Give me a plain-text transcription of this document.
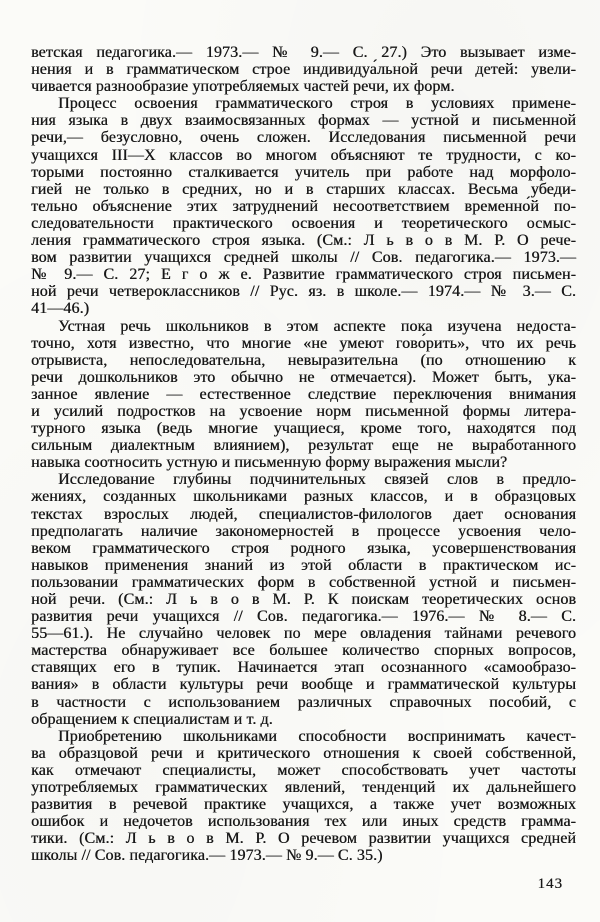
ветская педагогика.— 1973.— № 9.— С. 27.) Это вызывает изме-
нения и в грамматическом строе индивидуа́льной речи детей: увели-
чивается разнообразие употребляемых частей речи, их форм.
Процесс освоения грамматического строя в условиях примене-
ния языка в двух взаимосвязанных формах — устной и письменной
речи,— безусловно, очень сложен. Исследования письменной речи
учащихся III—X классов во многом объясняют те трудности, с ко-
торыми постоянно сталкивается учитель при работе над морфоло-
гией не только в средних, но и в старших классах. Весьма убеди-
тельно объяснение этих затруднений несоответствием временно́й по-
следовательности практического освоения и теоретического осмыс-
ления грамматического строя языка. (См.: Л ь в о в М. Р. О рече-
вом развитии учащихся средней школы // Сов. педагогика.— 1973.—
№ 9.— С. 27; Е г о ж е. Развитие грамматического строя письмен-
ной речи четвероклассников // Рус. яз. в школе.— 1974.— № 3.— С.
41—46.)
Устная речь школьников в этом аспекте пока изучена недоста-
точно, хотя известно, что многие «не умеют гово́рить», что их речь
отрывиста, непоследовательна, невыразительна (по отношению к
речи дошкольников это обычно не отмечается). Может быть, ука-
занное явление — естественное следствие переключения внимания
и усилий подростков на усвоение норм письменной формы литера-
турного языка (ведь многие учащиеся, кроме того, находятся под
сильным диалектным влиянием), результат еще не выработанного
навыка соотносить устную и письменную форму выражения мысли?
Исследование глубины подчинительных связей слов в предло-
жениях, созданных школьниками разных классов, и в образцовых
текстах взрослых людей, специалистов-филологов дает основания
предполагать наличие закономерностей в процессе усвоения чело-
веком грамматического строя родного языка, усовершенствования
навыков применения знаний из этой области в практическом ис-
пользовании грамматических форм в собственной устной и письмен-
ной речи. (См.: Л ь в о в М. Р. К поискам теоретических основ
развития речи учащихся // Сов. педагогика.— 1976.— № 8.— С.
55—61.). Не случайно человек по мере овладения тайнами речевого
мастерства обнаруживает все большее количество спорных вопросов,
ставящих его в тупик. Начинается этап осознанного «самообразо-
вания» в области культуры речи вообще и грамматической культуры
в частности с использованием различных справочных пособий, с
обращением к специалистам и т. д.
Приобретению школьниками способности воспринимать качест-
ва образцовой речи и критического отношения к своей собственной,
как отмечают специалисты, может способствовать учет частоты
употребляемых грамматических явлений, тенденций их дальнейшего
развития в речевой практике учащихся, а также учет возможных
ошибок и недочетов использования тех или иных средств грамма-
тики. (См.: Л ь в о в М. Р. О речевом развитии учащихся средней
школы // Сов. педагогика.— 1973.— № 9.— С. 35.)
143
